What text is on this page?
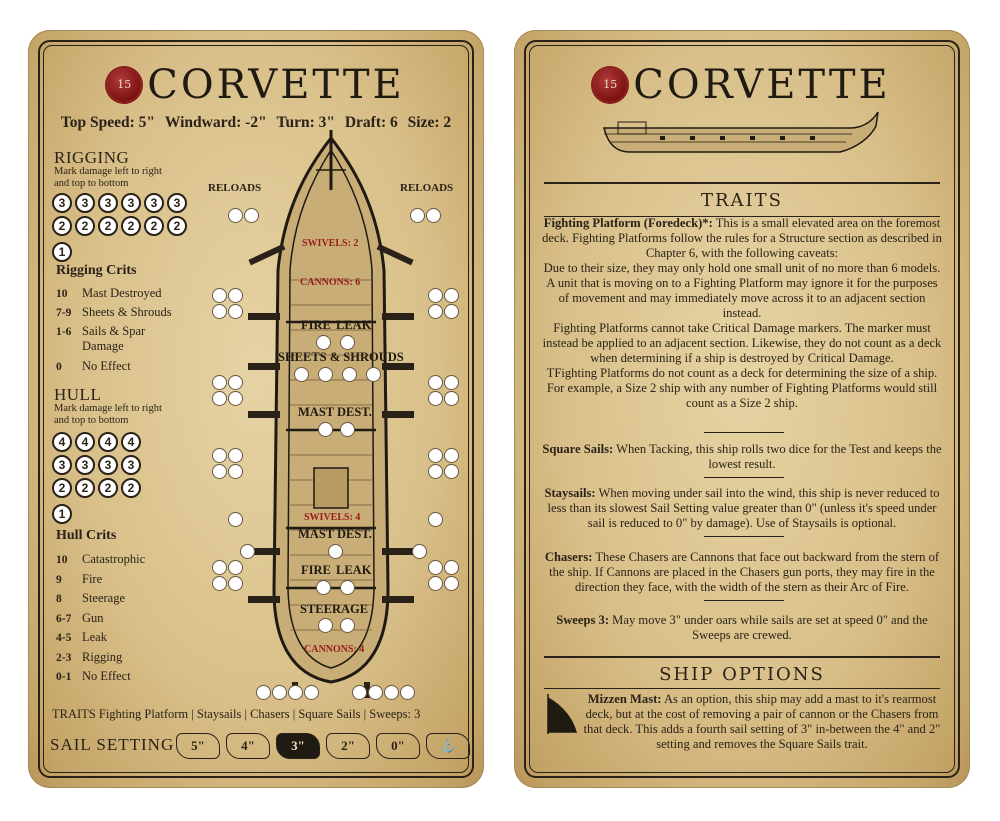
15 CORVETTE
Top Speed: 5" Windward: -2" Turn: 3" Draft: 6 Size: 2
RIGGING
Mark damage left to right
and top to bottom
3 3 3 3 3 3
2 2 2 2 2 2
1
Rigging Crits
10 Mast Destroyed
7-9 Sheets & Shrouds
1-6 Sails & Spar
Damage
0 No Effect
HULL
Mark damage left to right
and top to bottom
4 4 4 4
3 3 3 3
2 2 2 2
1
Hull Crits
10 Catastrophic
9 Fire
8 Steerage
6-7 Gun
4-5 Leak
2-3 Rigging
0-1 No Effect
RELOADS	RELOADS
SWIVELS: 2
CANNONS: 6
FIRE LEAK
SHEETS & SHROUDS
MAST DEST.
SWIVELS: 4
MAST DEST.
FIRE LEAK
STEERAGE
CANNONS: 4
TRAITS Fighting Platform | Staysails | Chasers | Square Sails | Sweeps: 3
SAIL SETTING	5"	4"	3"	2"	0"	⚓
15 CORVETTE
TRAITS
Fighting Platform (Foredeck)*: This is a small elevated area on the foremost deck. Fighting Platforms follow the rules for a Structure section as described in Chapter 6, with the following caveats:
Due to their size, they may only hold one small unit of no more than 6 models. A unit that is moving on to a Fighting Platform may ignore it for the purposes of movement and may immediately move across it to an adjacent section instead.
Fighting Platforms cannot take Critical Damage markers. The marker must instead be applied to an adjacent section. Likewise, they do not count as a deck when determining if a ship is destroyed by Critical Damage.
TFighting Platforms do not count as a deck for determining the size of a ship. For example, a Size 2 ship with any number of Fighting Platforms would still count as a Size 2 ship.
Square Sails: When Tacking, this ship rolls two dice for the Test and keeps the lowest result.
Staysails: When moving under sail into the wind, this ship is never reduced to less than its slowest Sail Setting value greater than 0" (unless it's speed under sail is reduced to 0" by damage). Use of Staysails is optional.
Chasers: These Chasers are Cannons that face out backward from the stern of the ship. If Cannons are placed in the Chasers gun ports, they may fire in the direction they face, with the width of the stern as their Arc of Fire.
Sweeps 3: May move 3" under oars while sails are set at speed 0" and the Sweeps are crewed.
SHIP OPTIONS
Mizzen Mast: As an option, this ship may add a mast to it's rearmost deck, but at the cost of removing a pair of cannon or the Chasers from that deck. This adds a fourth sail setting of 3" in-between the 4" and 2" setting and removes the Square Sails trait.
